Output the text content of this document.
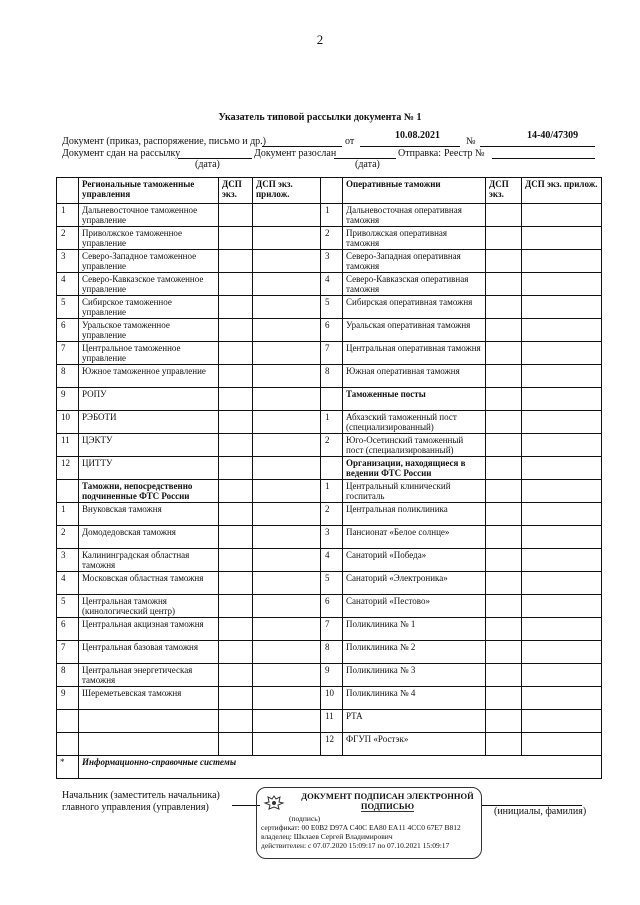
2
Указатель типовой рассылки документа № 1
Документ (приказ, распоряжение, письмо и др.)	от
10.08.2021
№
14-40/47309
Документ сдан на рассылку	Документ разослан	Отправка: Реестр №
(дата)	(дата)
	Региональные таможенные управления	ДСП экз.	ДСП экз. прилож.		Оперативные таможни	ДСП экз.	ДСП экз. прилож.
1	Дальневосточное таможенное управление			1	Дальневосточная оперативная таможня		
2	Приволжское таможенное управление			2	Приволжская оперативная таможня		
3	Северо-Западное таможенное управление			3	Северо-Западная оперативная таможня		
4	Северо-Кавказское таможенное управление			4	Северо-Кавказская оперативная таможня		
5	Сибирское таможенное управление			5	Сибирская оперативная таможня		
6	Уральское таможенное управление			6	Уральская оперативная таможня		
7	Центральное таможенное управление			7	Центральная оперативная таможня		
8	Южное таможенное управление			8	Южная оперативная таможня		
9	РОПУ				Таможенные посты		
10	РЭБОТИ			1	Абхазский таможенный пост (специализированный)		
11	ЦЭКТУ			2	Юго-Осетинский таможенный пост (специализированный)		
12	ЦИТТУ				Организации, находящиеся в ведении ФТС России		
	Таможни, непосредственно подчиненные ФТС России			1	Центральный клинический госпиталь		
1	Внуковская таможня			2	Центральная поликлиника		
2	Домодедовская таможня			3	Пансионат «Белое солнце»		
3	Калининградская областная таможня			4	Санаторий «Победа»		
4	Московская областная таможня			5	Санаторий «Электроника»		
5	Центральная таможня (кинологический центр)			6	Санаторий «Пестово»		
6	Центральная акцизная таможня			7	Поликлиника № 1		
7	Центральная базовая таможня			8	Поликлиника № 2		
8	Центральная энергетическая таможня			9	Поликлиника № 3		
9	Шереметьевская таможня			10	Поликлиника № 4		
				11	РТА		
				12	ФГУП «Ростэк»		
*	Информационно-справочные системы						
Начальник (заместитель начальника)
главного управления (управления)	(инициалы, фамилия)
ДОКУМЕНТ ПОДПИСАН ЭЛЕКТРОННОЙ
ПОДПИСЬЮ
(подпись)
сертификат: 00 E0B2 D97A C40C EA80 EA11 4CC0 67E7 B812
владелец: Шклаев Сергей Владимирович
действителен: с 07.07.2020 15:09:17 по 07.10.2021 15:09:17
